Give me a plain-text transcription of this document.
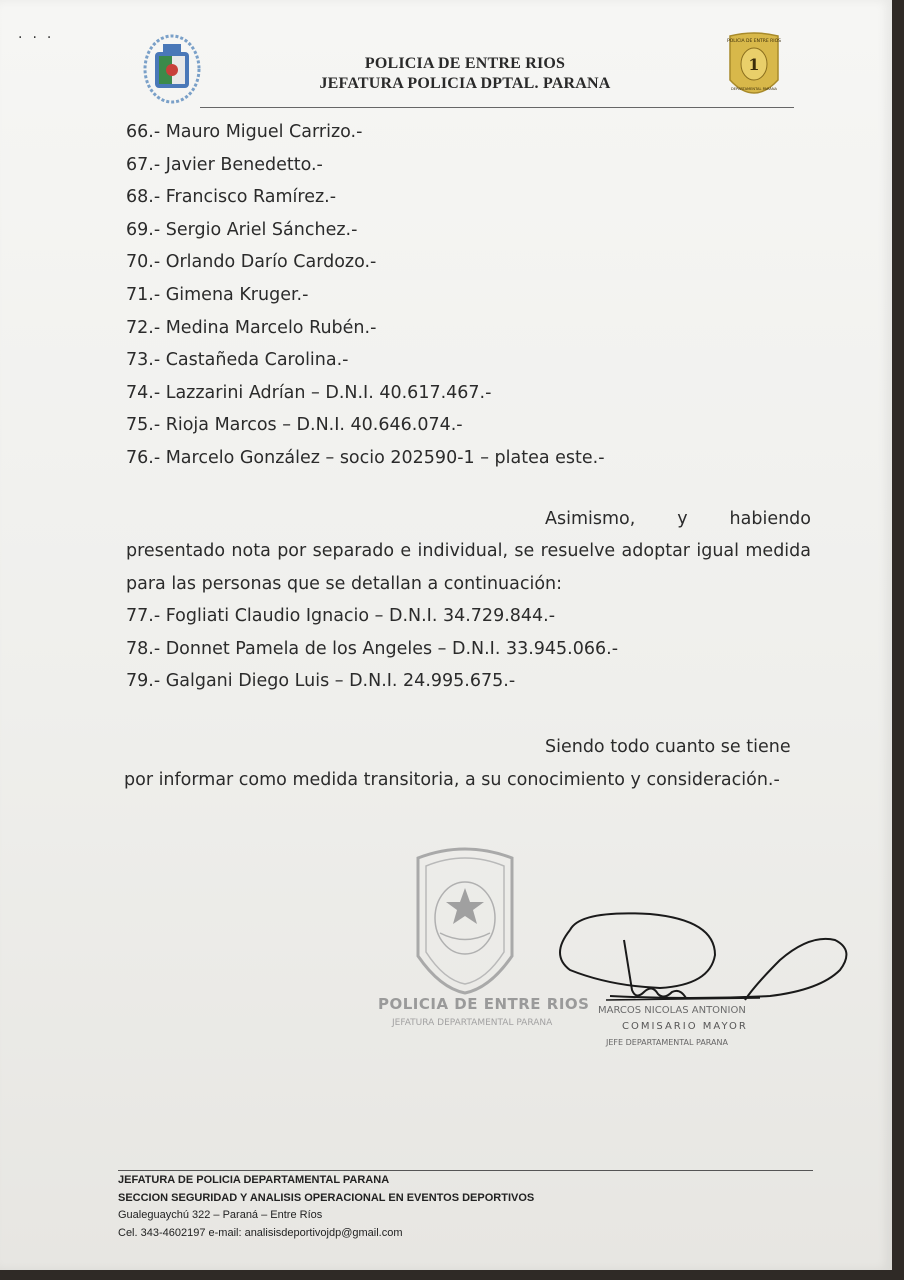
···
POLICIA DE ENTRE RIOS
JEFATURA POLICIA DPTAL. PARANA
1
POLICIA DE ENTRE RIOS
DEPARTAMENTAL PARANA
66.- Mauro Miguel Carrizo.-
67.- Javier Benedetto.-
68.- Francisco Ramírez.-
69.- Sergio Ariel Sánchez.-
70.- Orlando Darío Cardozo.-
71.- Gimena Kruger.-
72.- Medina Marcelo Rubén.-
73.- Castañeda Carolina.-
74.- Lazzarini Adrían – D.N.I. 40.617.467.-
75.- Rioja Marcos – D.N.I. 40.646.074.-
76.- Marcelo González – socio 202590-1 – platea este.-
Asimismo, y habiendo
presentado nota por separado e individual, se resuelve adoptar igual medida para las personas que se detallan a continuación:
77.- Fogliati Claudio Ignacio – D.N.I. 34.729.844.-
78.- Donnet Pamela de los Angeles – D.N.I. 33.945.066.-
79.- Galgani Diego Luis – D.N.I. 24.995.675.-
Siendo todo cuanto se tiene
por informar como medida transitoria, a su conocimiento y consideración.-
POLICIA DE ENTRE RIOS
JEFATURA DEPARTAMENTAL PARANA
MARCOS NICOLAS ANTONION
COMISARIO MAYOR
JEFE DEPARTAMENTAL PARANA
JEFATURA DE POLICIA DEPARTAMENTAL PARANA
SECCION SEGURIDAD Y ANALISIS OPERACIONAL EN EVENTOS DEPORTIVOS
Gualeguaychú 322 – Paraná – Entre Ríos
Cel. 343-4602197 e-mail: analisisdeportivojdp@gmail.com
